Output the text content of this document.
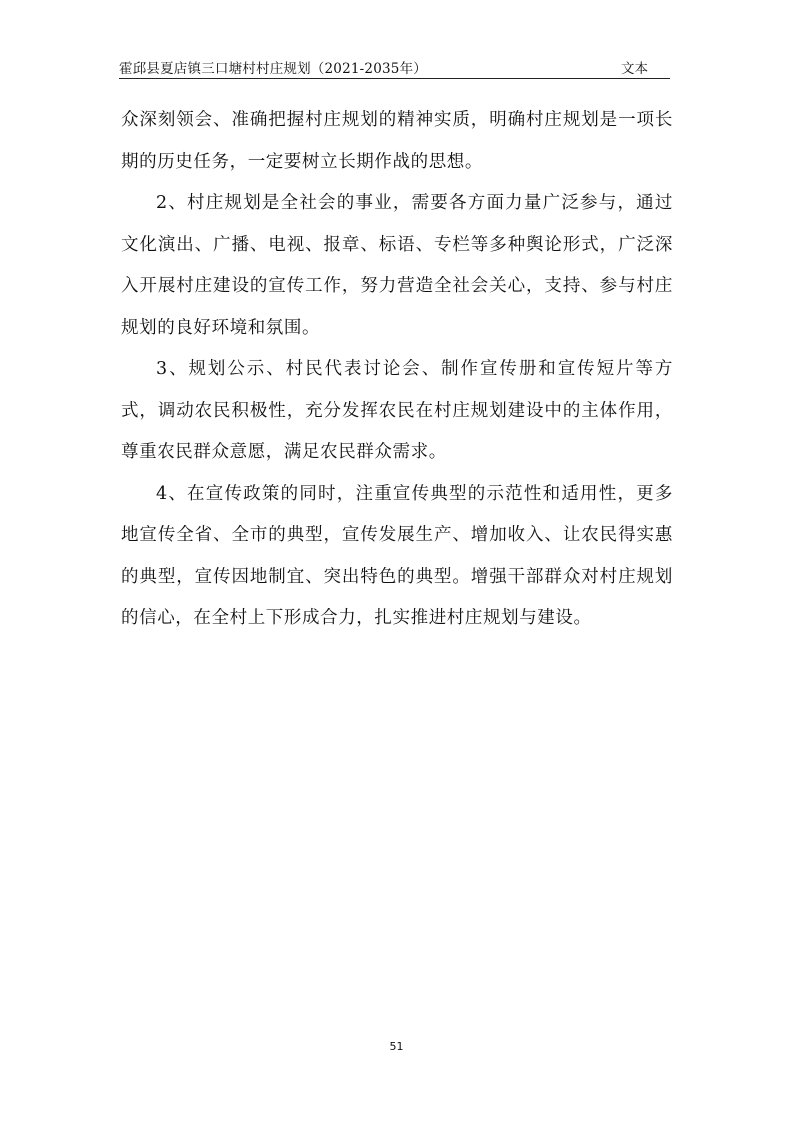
霍邱县夏店镇三口塘村村庄规划（2021-2035年）	文本

众深刻领会、准确把握村庄规划的精神实质，明确村庄规划是一项长期的历史任务，一定要树立长期作战的思想。

2、村庄规划是全社会的事业，需要各方面力量广泛参与，通过文化演出、广播、电视、报章、标语、专栏等多种舆论形式，广泛深入开展村庄建设的宣传工作，努力营造全社会关心，支持、参与村庄规划的良好环境和氛围。

3、规划公示、村民代表讨论会、制作宣传册和宣传短片等方式，调动农民积极性，充分发挥农民在村庄规划建设中的主体作用，尊重农民群众意愿，满足农民群众需求。

4、在宣传政策的同时，注重宣传典型的示范性和适用性，更多地宣传全省、全市的典型，宣传发展生产、增加收入、让农民得实惠的典型，宣传因地制宜、突出特色的典型。增强干部群众对村庄规划的信心，在全村上下形成合力，扎实推进村庄规划与建设。

51
